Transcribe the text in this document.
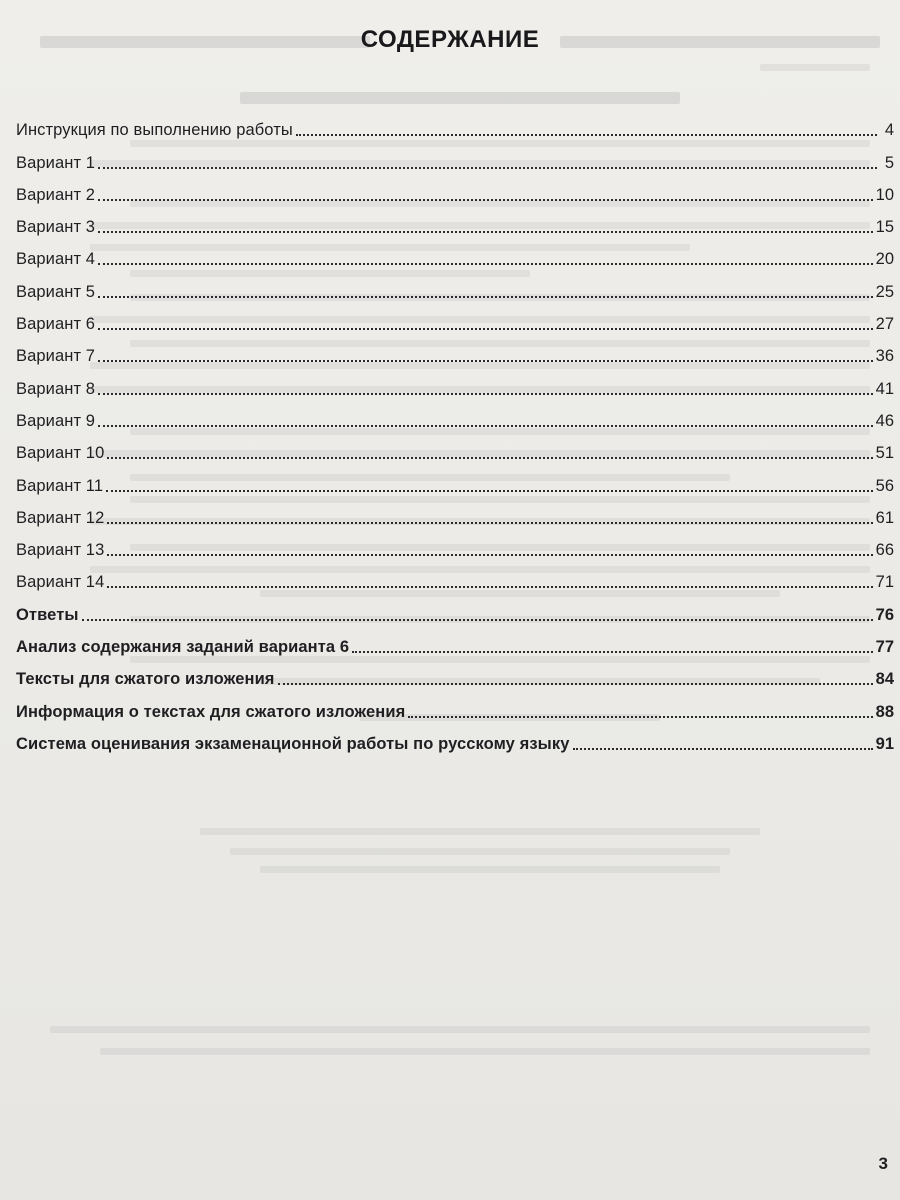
СОДЕРЖАНИЕ
Инструкция по выполнению работы	4
Вариант 1	5
Вариант 2	10
Вариант 3	15
Вариант 4	20
Вариант 5	25
Вариант 6	27
Вариант 7	36
Вариант 8	41
Вариант 9	46
Вариант 10	51
Вариант 11	56
Вариант 12	61
Вариант 13	66
Вариант 14	71
Ответы	76
Анализ содержания заданий варианта 6	77
Тексты для сжатого изложения	84
Информация о текстах для сжатого изложения	88
Система оценивания экзаменационной работы по русскому языку	91
3
